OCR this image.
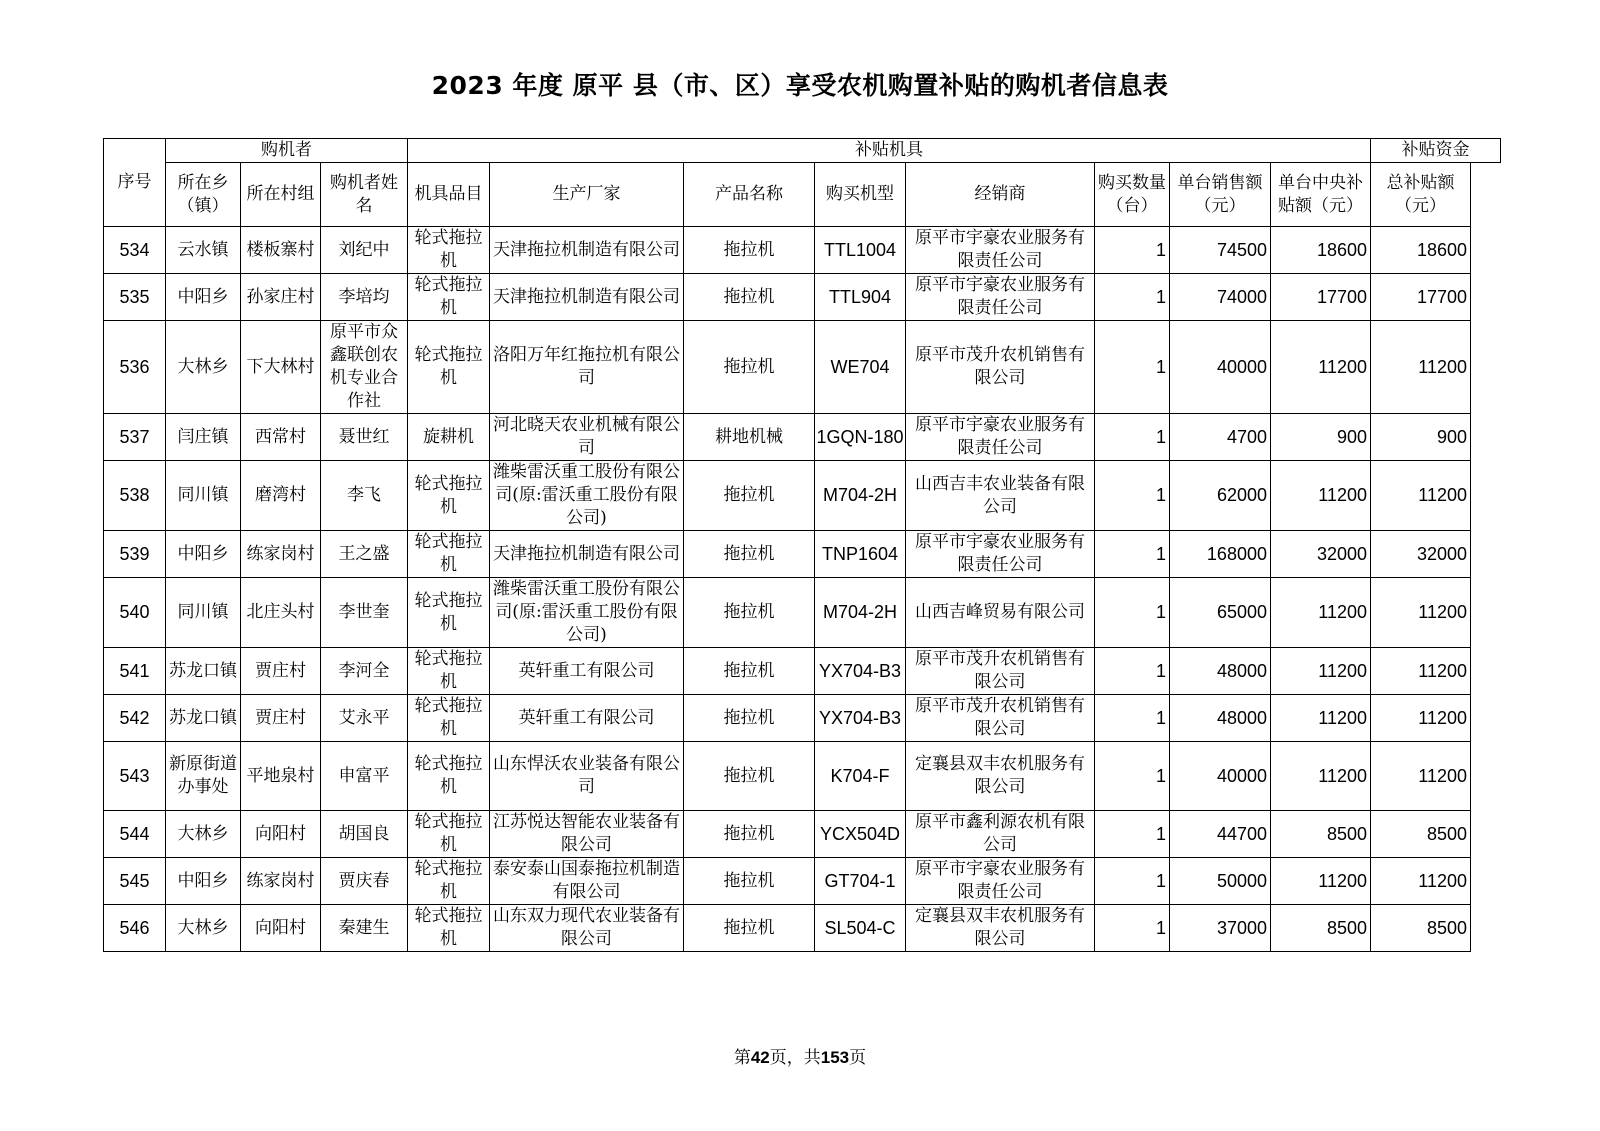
2023 年度 原平 县（市、区）享受农机购置补贴的购机者信息表
序号	购机者			补贴机具								补贴资金
	所在乡（镇）	所在村组	购机者姓名	机具品目	生产厂家	产品名称	购买机型	经销商	购买数量（台）	单台销售额（元）	单台中央补贴额（元）	总补贴额（元）
534	云水镇	楼板寨村	刘纪中	轮式拖拉机	天津拖拉机制造有限公司	拖拉机	TTL1004	原平市宇豪农业服务有限责任公司	1	74500	18600	18600
535	中阳乡	孙家庄村	李培均	轮式拖拉机	天津拖拉机制造有限公司	拖拉机	TTL904	原平市宇豪农业服务有限责任公司	1	74000	17700	17700
536	大林乡	下大林村	原平市众鑫联创农机专业合作社	轮式拖拉机	洛阳万年红拖拉机有限公司	拖拉机	WE704	原平市茂升农机销售有限公司	1	40000	11200	11200
537	闫庄镇	西常村	聂世红	旋耕机	河北晓天农业机械有限公司	耕地机械	1GQN-180	原平市宇豪农业服务有限责任公司	1	4700	900	900
538	同川镇	磨湾村	李飞	轮式拖拉机	潍柴雷沃重工股份有限公司(原:雷沃重工股份有限公司)	拖拉机	M704-2H	山西吉丰农业装备有限公司	1	62000	11200	11200
539	中阳乡	练家岗村	王之盛	轮式拖拉机	天津拖拉机制造有限公司	拖拉机	TNP1604	原平市宇豪农业服务有限责任公司	1	168000	32000	32000
540	同川镇	北庄头村	李世奎	轮式拖拉机	潍柴雷沃重工股份有限公司(原:雷沃重工股份有限公司)	拖拉机	M704-2H	山西吉峰贸易有限公司	1	65000	11200	11200
541	苏龙口镇	贾庄村	李河全	轮式拖拉机	英轩重工有限公司	拖拉机	YX704-B3	原平市茂升农机销售有限公司	1	48000	11200	11200
542	苏龙口镇	贾庄村	艾永平	轮式拖拉机	英轩重工有限公司	拖拉机	YX704-B3	原平市茂升农机销售有限公司	1	48000	11200	11200
543	新原街道办事处	平地泉村	申富平	轮式拖拉机	山东悍沃农业装备有限公司	拖拉机	K704-F	定襄县双丰农机服务有限公司	1	40000	11200	11200
544	大林乡	向阳村	胡国良	轮式拖拉机	江苏悦达智能农业装备有限公司	拖拉机	YCX504D	原平市鑫利源农机有限公司	1	44700	8500	8500
545	中阳乡	练家岗村	贾庆春	轮式拖拉机	泰安泰山国泰拖拉机制造有限公司	拖拉机	GT704-1	原平市宇豪农业服务有限责任公司	1	50000	11200	11200
546	大林乡	向阳村	秦建生	轮式拖拉机	山东双力现代农业装备有限公司	拖拉机	SL504-C	定襄县双丰农机服务有限公司	1	37000	8500	8500
第42页，共153页
